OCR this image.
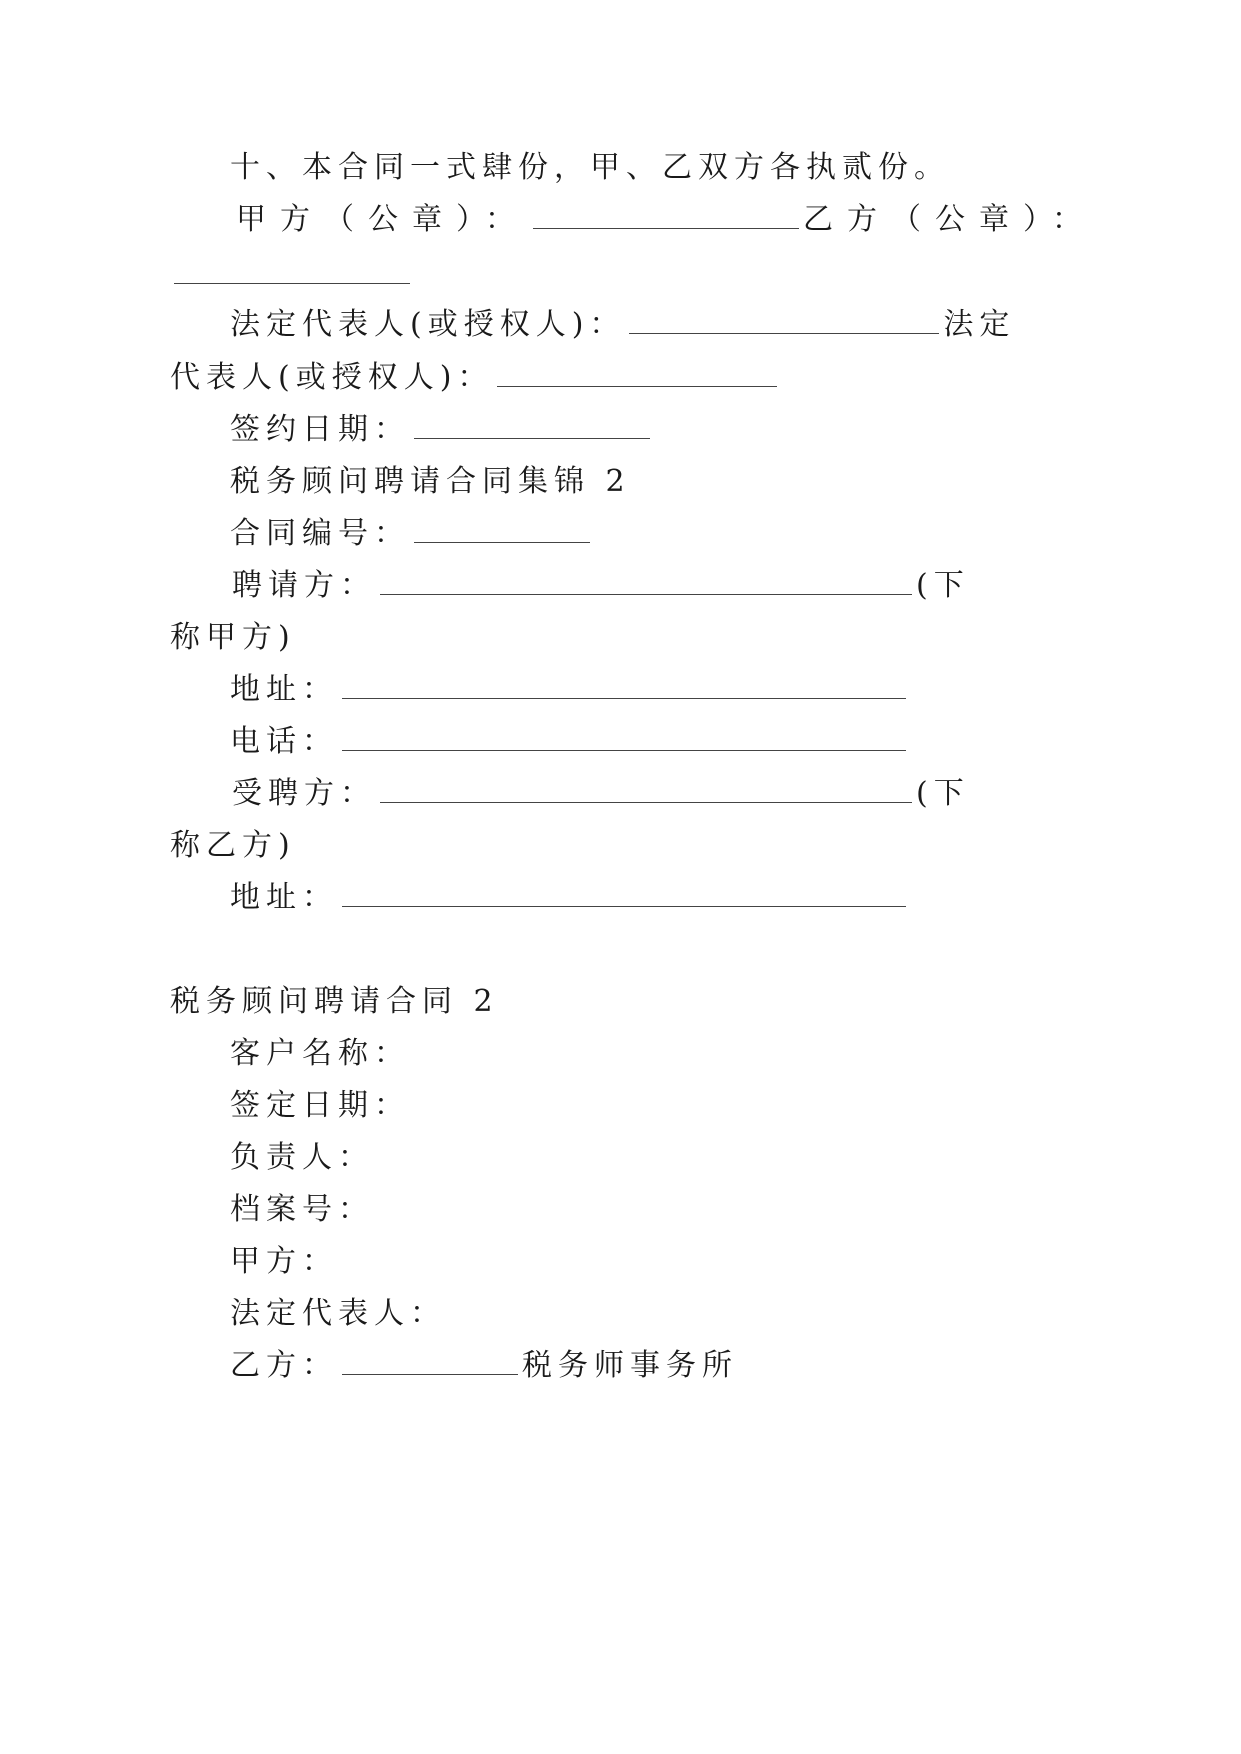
十、本合同一式肆份，甲、乙双方各执贰份。
甲方（公章）：	乙方（公章）：
法定代表人(或授权人)：	法定
代表人(或授权人)：
签约日期：
税务顾问聘请合同集锦 2
合同编号：
聘请方：	(下
称甲方)
地址：
电话：
受聘方：	(下
称乙方)
地址：
税务顾问聘请合同 2
客户名称：
签定日期：
负责人：
档案号：
甲方：
法定代表人：
乙方：	税务师事务所
